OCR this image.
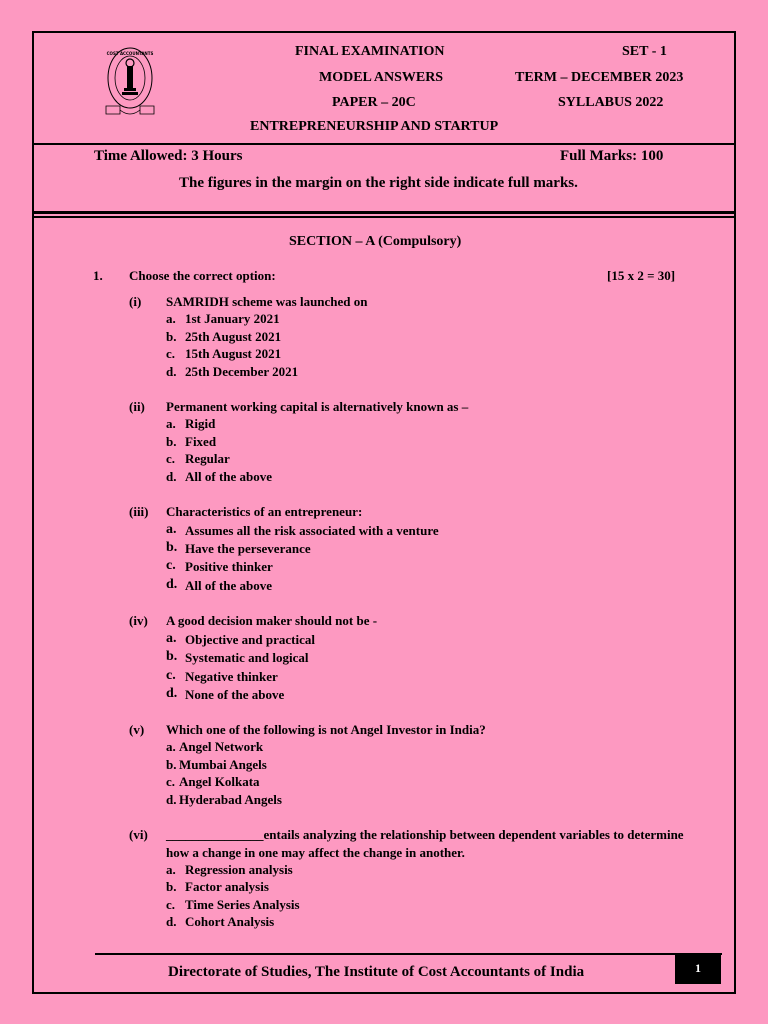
COST ACCOUNTANTS	FINAL EXAMINATION	SET - 1
MODEL ANSWERS	TERM – DECEMBER 2023
PAPER – 20C	SYLLABUS 2022
ENTREPRENEURSHIP AND STARTUP
Time Allowed: 3 Hours	Full Marks: 100
The figures in the margin on the right side indicate full marks.
SECTION – A (Compulsory)
1. Choose the correct option:	[15 x 2 = 30]
(i) SAMRIDH scheme was launched on
a. 1st January 2021
b. 25th August 2021
c. 15th August 2021
d. 25th December 2021
(ii) Permanent working capital is alternatively known as –
a. Rigid
b. Fixed
c. Regular
d. All of the above
(iii) Characteristics of an entrepreneur:
a. Assumes all the risk associated with a venture
b. Have the perseverance
c. Positive thinker
d. All of the above
(iv) A good decision maker should not be -
a. Objective and practical
b. Systematic and logical
c. Negative thinker
d. None of the above
(v) Which one of the following is not Angel Investor in India?
a. Angel Network
b. Mumbai Angels
c. Angel Kolkata
d. Hyderabad Angels
(vi) _______________entails analyzing the relationship between dependent variables to determine
how a change in one may affect the change in another.
a. Regression analysis
b. Factor analysis
c. Time Series Analysis
d. Cohort Analysis
Directorate of Studies, The Institute of Cost Accountants of India	1
